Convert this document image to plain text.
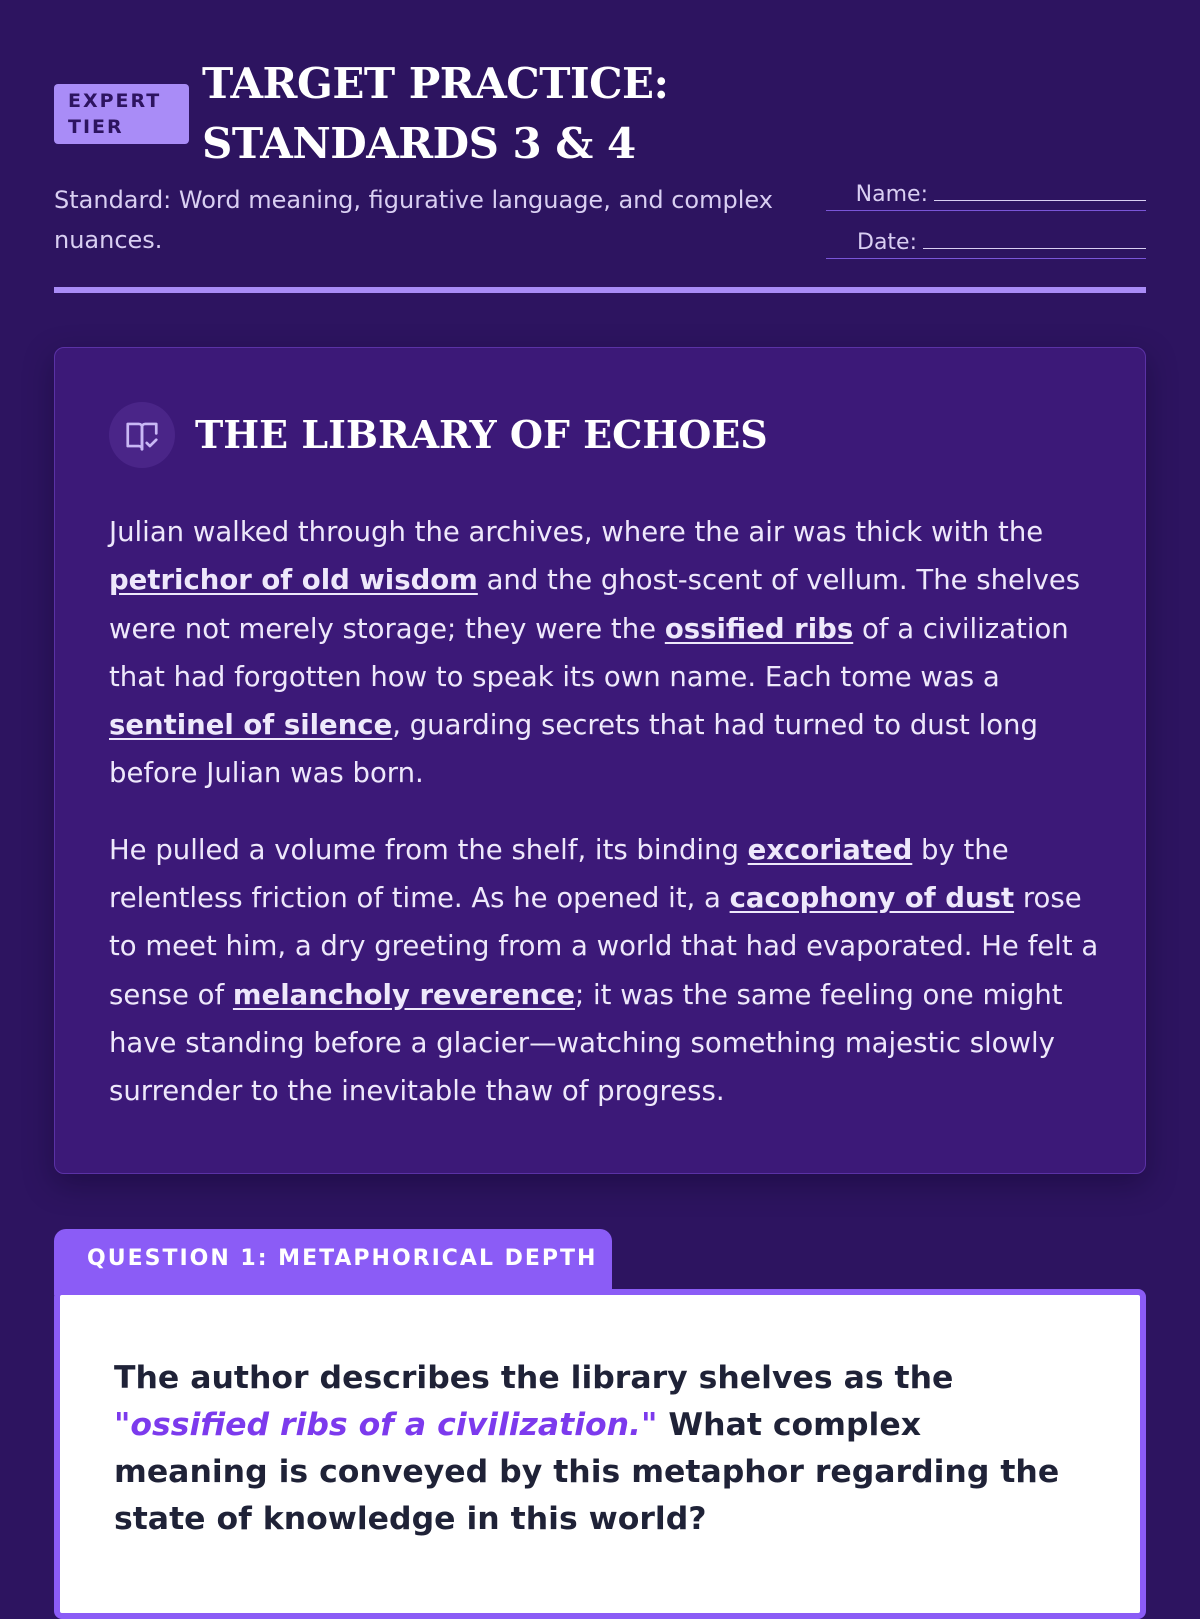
EXPERT
TIER
TARGET PRACTICE:
STANDARDS 3 & 4

Standard: Word meaning, figurative language, and complex nuances.

Name:
Date:
THE LIBRARY OF ECHOES

Julian walked through the archives, where the air was thick with the petrichor of old wisdom and the ghost-scent of vellum. The shelves were not merely storage; they were the ossified ribs of a civilization that had forgotten how to speak its own name. Each tome was a sentinel of silence, guarding secrets that had turned to dust long before Julian was born.

He pulled a volume from the shelf, its binding excoriated by the relentless friction of time. As he opened it, a cacophony of dust rose to meet him, a dry greeting from a world that had evaporated. He felt a sense of melancholy reverence; it was the same feeling one might have standing before a glacier—watching something majestic slowly surrender to the inevitable thaw of progress.

QUESTION 1: METAPHORICAL DEPTH

The author describes the library shelves as the "ossified ribs of a civilization." What complex meaning is conveyed by this metaphor regarding the state of knowledge in this world?
